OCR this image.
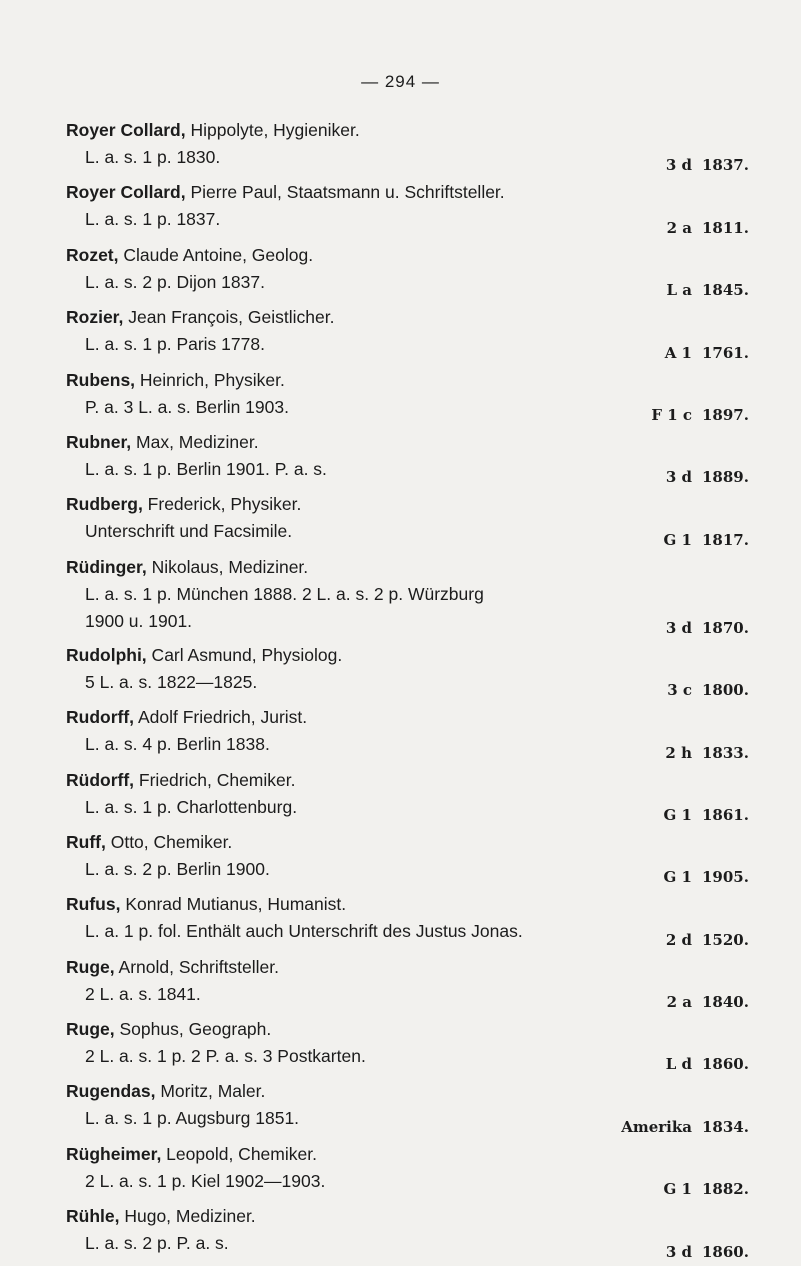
— 294 —
Royer Collard, Hippolyte, Hygieniker.
L. a. s. 1 p. 1830.	3 d 1837.
Royer Collard, Pierre Paul, Staatsmann u. Schriftsteller.
L. a. s. 1 p. 1837.	2 a 1811.
Rozet, Claude Antoine, Geolog.
L. a. s. 2 p. Dijon 1837.	L a 1845.
Rozier, Jean François, Geistlicher.
L. a. s. 1 p. Paris 1778.	A 1 1761.
Rubens, Heinrich, Physiker.
P. a. 3 L. a. s. Berlin 1903.	F 1 c 1897.
Rubner, Max, Mediziner.
L. a. s. 1 p. Berlin 1901. P. a. s.	3 d 1889.
Rudberg, Frederick, Physiker.
Unterschrift und Facsimile.	G 1 1817.
Rüdinger, Nikolaus, Mediziner.
L. a. s. 1 p. München 1888. 2 L. a. s. 2 p. Würzburg
1900 u. 1901.	3 d 1870.
Rudolphi, Carl Asmund, Physiolog.
5 L. a. s. 1822—1825.	3 c 1800.
Rudorff, Adolf Friedrich, Jurist.
L. a. s. 4 p. Berlin 1838.	2 h 1833.
Rüdorff, Friedrich, Chemiker.
L. a. s. 1 p. Charlottenburg.	G 1 1861.
Ruff, Otto, Chemiker.
L. a. s. 2 p. Berlin 1900.	G 1 1905.
Rufus, Konrad Mutianus, Humanist.
L. a. 1 p. fol. Enthält auch Unterschrift des Justus Jonas.	2 d 1520.
Ruge, Arnold, Schriftsteller.
2 L. a. s. 1841.	2 a 1840.
Ruge, Sophus, Geograph.
2 L. a. s. 1 p. 2 P. a. s. 3 Postkarten.	L d 1860.
Rugendas, Moritz, Maler.
L. a. s. 1 p. Augsburg 1851.	Amerika 1834.
Rügheimer, Leopold, Chemiker.
2 L. a. s. 1 p. Kiel 1902—1903.	G 1 1882.
Rühle, Hugo, Mediziner.
L. a. s. 2 p. P. a. s.	3 d 1860.
